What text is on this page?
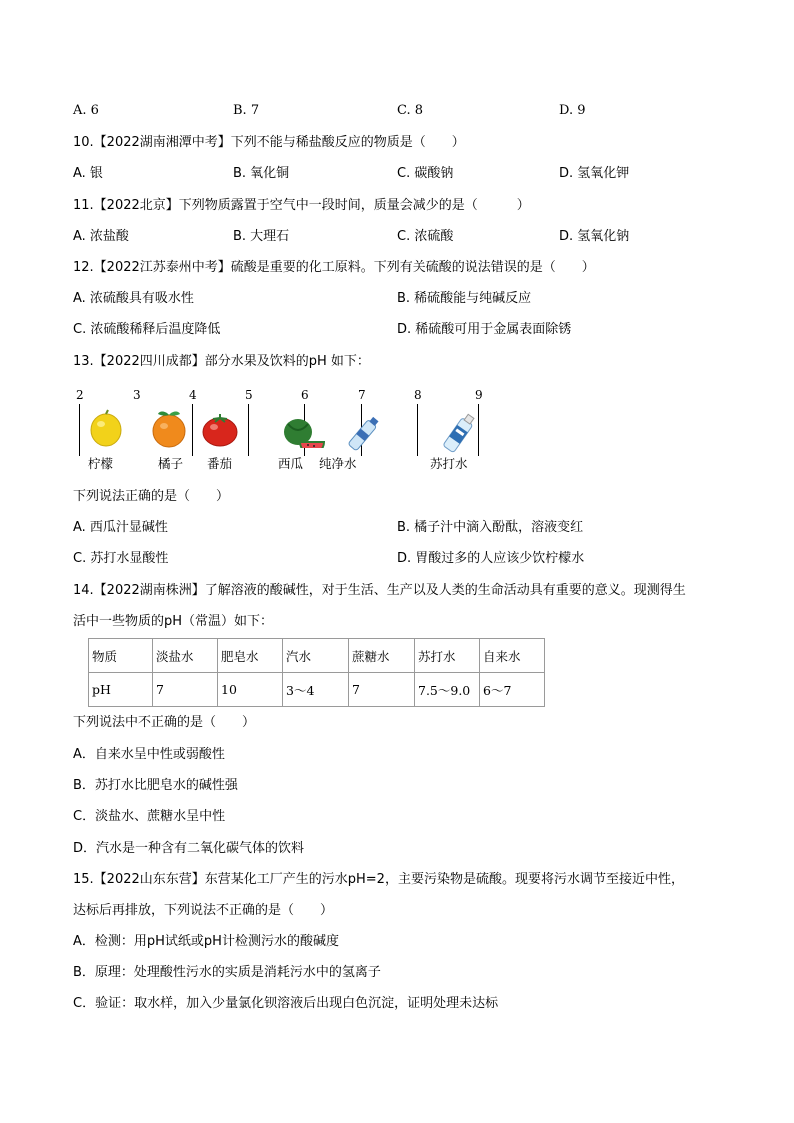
A. 6	B. 7	C. 8	D. 9
10.【2022湖南湘潭中考】下列不能与稀盐酸反应的物质是（　　）
A. 银	B. 氧化铜	C. 碳酸钠	D. 氢氧化钾
11.【2022北京】下列物质露置于空气中一段时间，质量会减少的是（　　　）
A. 浓盐酸	B. 大理石	C. 浓硫酸	D. 氢氧化钠
12.【2022江苏泰州中考】硫酸是重要的化工原料。下列有关硫酸的说法错误的是（　　）
A. 浓硫酸具有吸水性	B. 稀硫酸能与纯碱反应
C. 浓硫酸稀释后温度降低	D. 稀硫酸可用于金属表面除锈
13.【2022四川成都】部分水果及饮料的pH 如下：
2	3	4	5	6	7	8	9
柠檬	橘子 番茄	西瓜 纯净水	苏打水
下列说法正确的是（　　）
A. 西瓜汁显碱性	B. 橘子汁中滴入酚酞，溶液变红
C. 苏打水显酸性	D. 胃酸过多的人应该少饮柠檬水
14.【2022湖南株洲】了解溶液的酸碱性，对于生活、生产以及人类的生命活动具有重要的意义。现测得生
活中一些物质的pH（常温）如下：
物质	淡盐水	肥皂水	汽水	蔗糖水	苏打水	自来水
pH	7	10	3～4	7	7.5～9.0	6～7
下列说法中不正确的是（　　）
A．自来水呈中性或弱酸性
B．苏打水比肥皂水的碱性强
C．淡盐水、蔗糖水呈中性
D．汽水是一种含有二氧化碳气体的饮料
15.【2022山东东营】东营某化工厂产生的污水pH=2，主要污染物是硫酸。现要将污水调节至接近中性，
达标后再排放，下列说法不正确的是（　　）
A．检测：用pH试纸或pH计检测污水的酸碱度
B．原理：处理酸性污水的实质是消耗污水中的氢离子
C．验证：取水样，加入少量氯化钡溶液后出现白色沉淀，证明处理未达标
